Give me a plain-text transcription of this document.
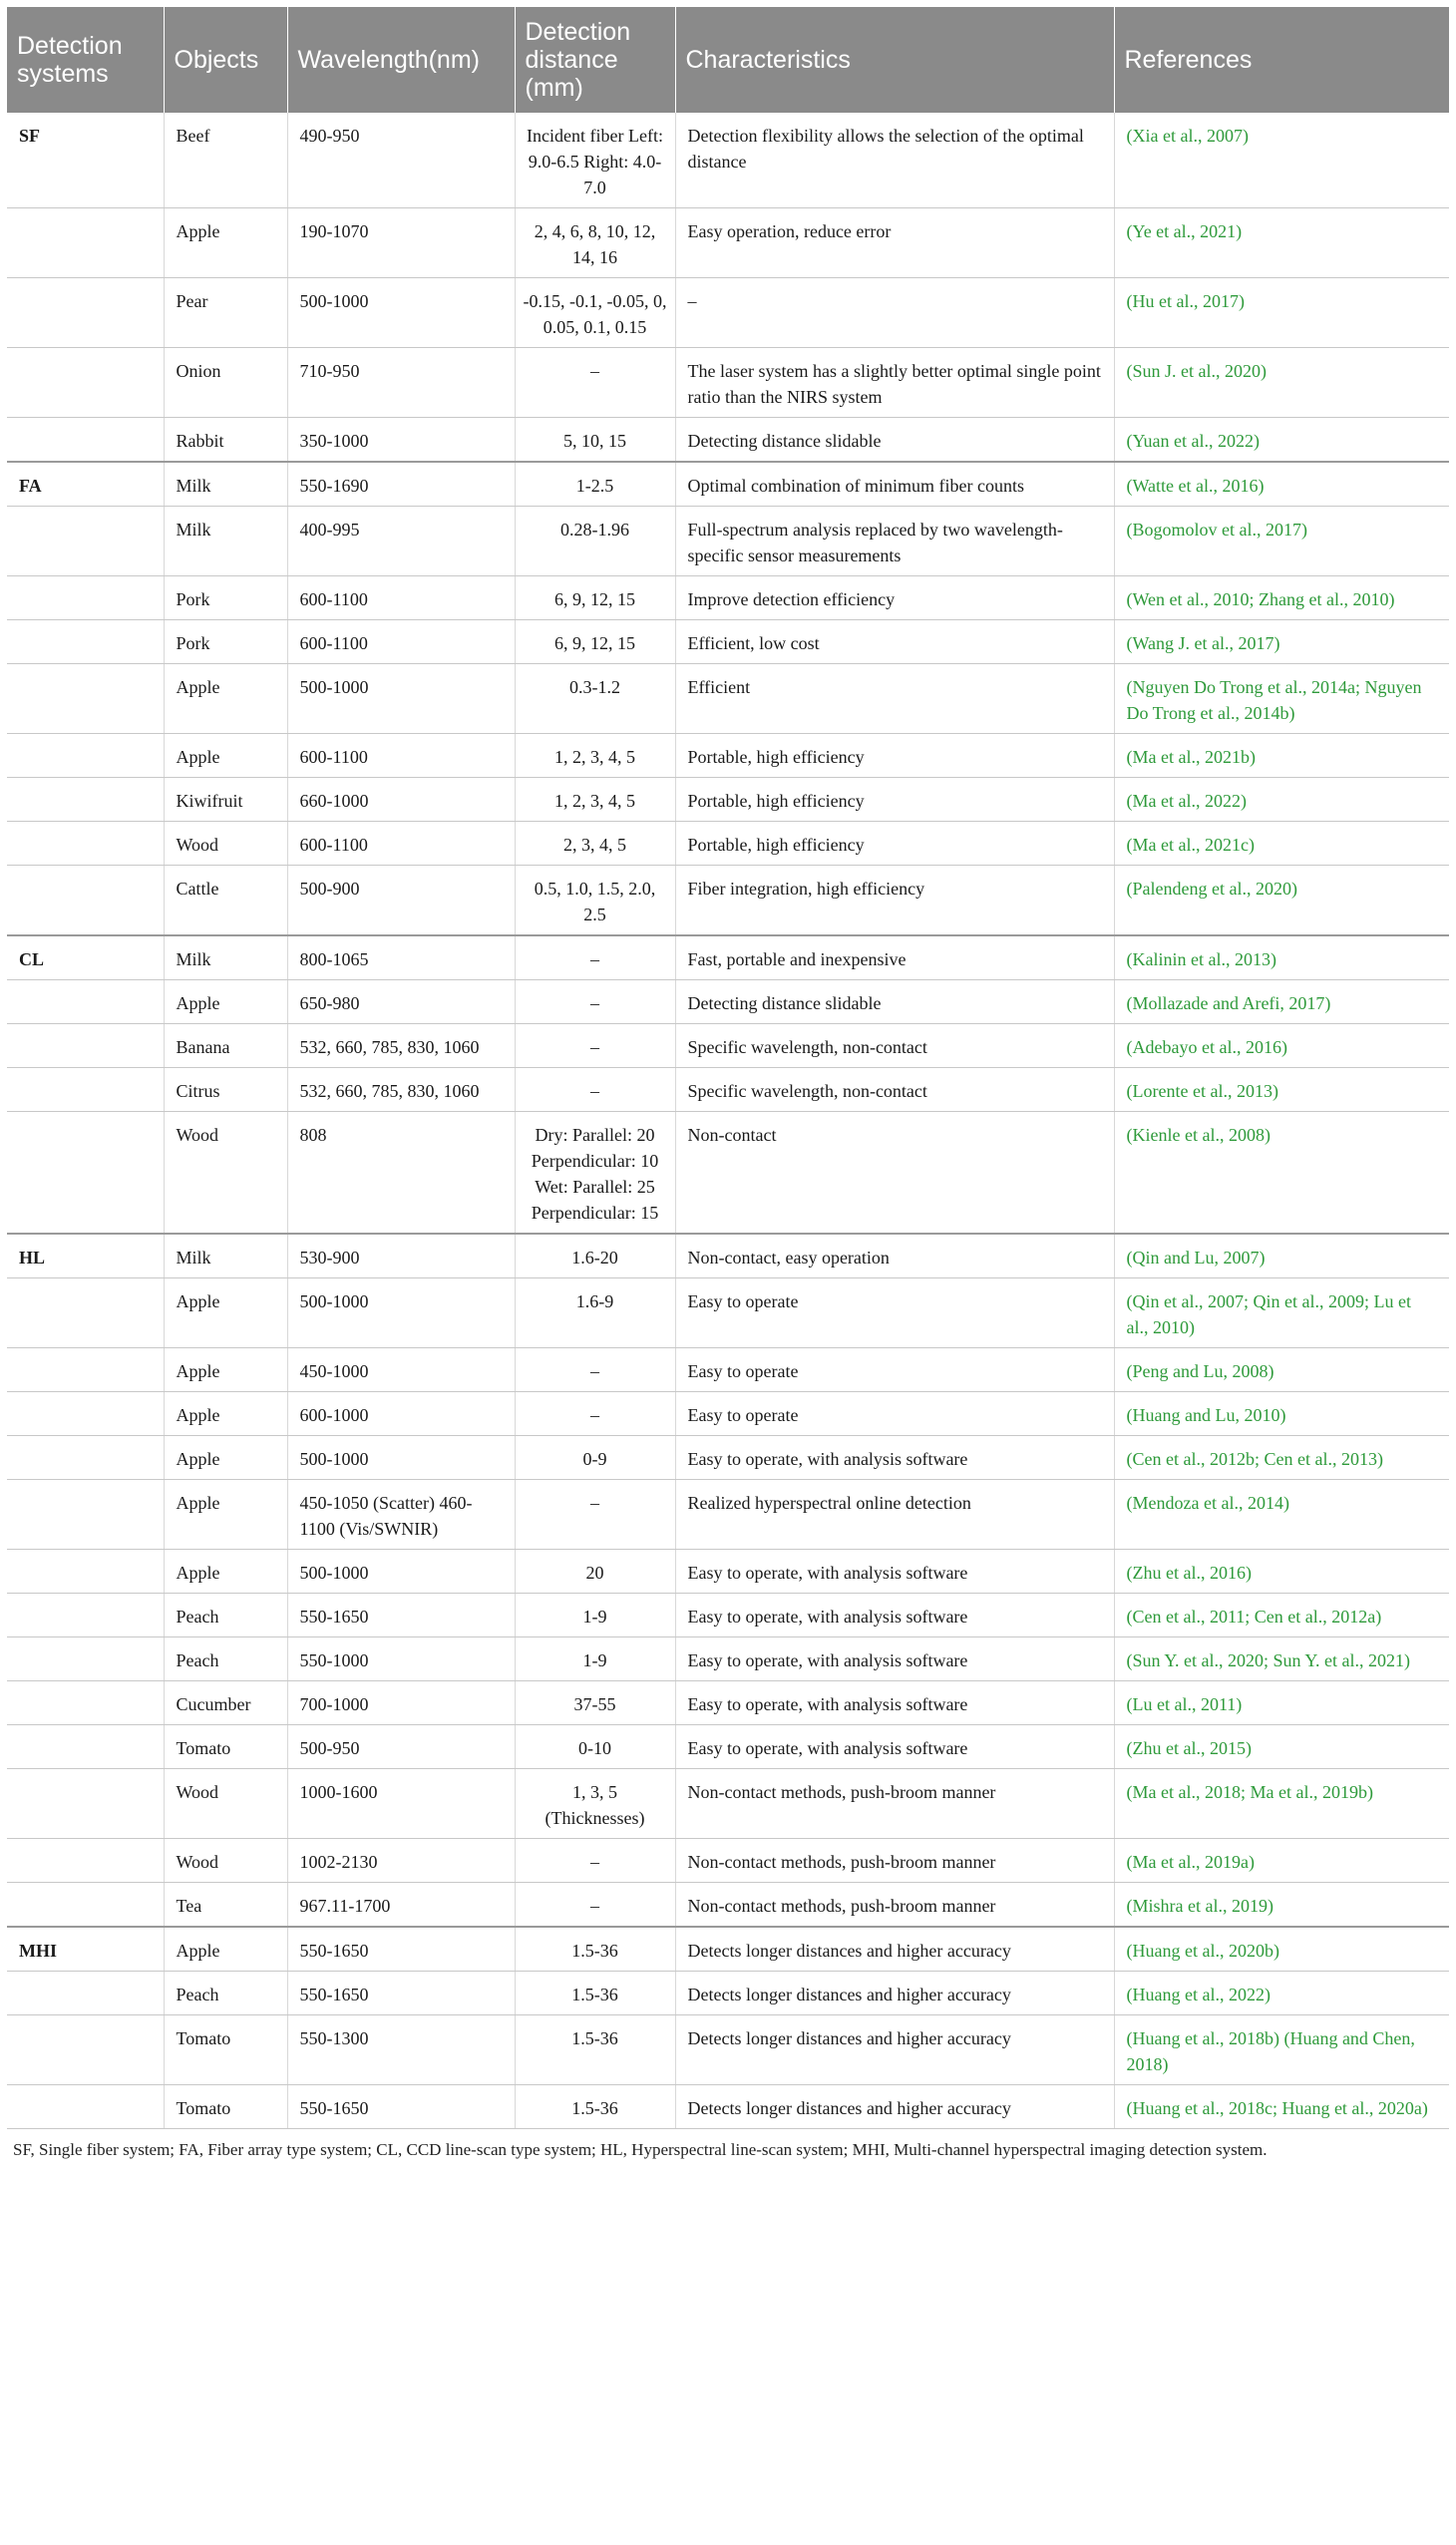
Detection systems	Objects	Wavelength(nm)	Detection distance (mm)	Characteristics	References
SF	Beef	490-950	Incident fiber Left: 9.0-6.5 Right: 4.0-7.0	Detection flexibility allows the selection of the optimal distance	(Xia et al., 2007)
	Apple	190-1070	2, 4, 6, 8, 10, 12, 14, 16	Easy operation, reduce error	(Ye et al., 2021)
	Pear	500-1000	-0.15, -0.1, -0.05, 0, 0.05, 0.1, 0.15	–	(Hu et al., 2017)
	Onion	710-950	–	The laser system has a slightly better optimal single point ratio than the NIRS system	(Sun J. et al., 2020)
	Rabbit	350-1000	5, 10, 15	Detecting distance slidable	(Yuan et al., 2022)
FA	Milk	550-1690	1-2.5	Optimal combination of minimum fiber counts	(Watte et al., 2016)
	Milk	400-995	0.28-1.96	Full-spectrum analysis replaced by two wavelength-specific sensor measurements	(Bogomolov et al., 2017)
	Pork	600-1100	6, 9, 12, 15	Improve detection efficiency	(Wen et al., 2010; Zhang et al., 2010)
	Pork	600-1100	6, 9, 12, 15	Efficient, low cost	(Wang J. et al., 2017)
	Apple	500-1000	0.3-1.2	Efficient	(Nguyen Do Trong et al., 2014a; Nguyen Do Trong et al., 2014b)
	Apple	600-1100	1, 2, 3, 4, 5	Portable, high efficiency	(Ma et al., 2021b)
	Kiwifruit	660-1000	1, 2, 3, 4, 5	Portable, high efficiency	(Ma et al., 2022)
	Wood	600-1100	2, 3, 4, 5	Portable, high efficiency	(Ma et al., 2021c)
	Cattle	500-900	0.5, 1.0, 1.5, 2.0, 2.5	Fiber integration, high efficiency	(Palendeng et al., 2020)
CL	Milk	800-1065	–	Fast, portable and inexpensive	(Kalinin et al., 2013)
	Apple	650-980	–	Detecting distance slidable	(Mollazade and Arefi, 2017)
	Banana	532, 660, 785, 830, 1060	–	Specific wavelength, non-contact	(Adebayo et al., 2016)
	Citrus	532, 660, 785, 830, 1060	–	Specific wavelength, non-contact	(Lorente et al., 2013)
	Wood	808	Dry: Parallel: 20 Perpendicular: 10 Wet: Parallel: 25 Perpendicular: 15	Non-contact	(Kienle et al., 2008)
HL	Milk	530-900	1.6-20	Non-contact, easy operation	(Qin and Lu, 2007)
	Apple	500-1000	1.6-9	Easy to operate	(Qin et al., 2007; Qin et al., 2009; Lu et al., 2010)
	Apple	450-1000	–	Easy to operate	(Peng and Lu, 2008)
	Apple	600-1000	–	Easy to operate	(Huang and Lu, 2010)
	Apple	500-1000	0-9	Easy to operate, with analysis software	(Cen et al., 2012b; Cen et al., 2013)
	Apple	450-1050 (Scatter) 460-1100 (Vis/SWNIR)	–	Realized hyperspectral online detection	(Mendoza et al., 2014)
	Apple	500-1000	20	Easy to operate, with analysis software	(Zhu et al., 2016)
	Peach	550-1650	1-9	Easy to operate, with analysis software	(Cen et al., 2011; Cen et al., 2012a)
	Peach	550-1000	1-9	Easy to operate, with analysis software	(Sun Y. et al., 2020; Sun Y. et al., 2021)
	Cucumber	700-1000	37-55	Easy to operate, with analysis software	(Lu et al., 2011)
	Tomato	500-950	0-10	Easy to operate, with analysis software	(Zhu et al., 2015)
	Wood	1000-1600	1, 3, 5 (Thicknesses)	Non-contact methods, push-broom manner	(Ma et al., 2018; Ma et al., 2019b)
	Wood	1002-2130	–	Non-contact methods, push-broom manner	(Ma et al., 2019a)
	Tea	967.11-1700	–	Non-contact methods, push-broom manner	(Mishra et al., 2019)
MHI	Apple	550-1650	1.5-36	Detects longer distances and higher accuracy	(Huang et al., 2020b)
	Peach	550-1650	1.5-36	Detects longer distances and higher accuracy	(Huang et al., 2022)
	Tomato	550-1300	1.5-36	Detects longer distances and higher accuracy	(Huang et al., 2018b) (Huang and Chen, 2018)
	Tomato	550-1650	1.5-36	Detects longer distances and higher accuracy	(Huang et al., 2018c; Huang et al., 2020a)
SF, Single fiber system; FA, Fiber array type system; CL, CCD line-scan type system; HL, Hyperspectral line-scan system; MHI, Multi-channel hyperspectral imaging detection system.
